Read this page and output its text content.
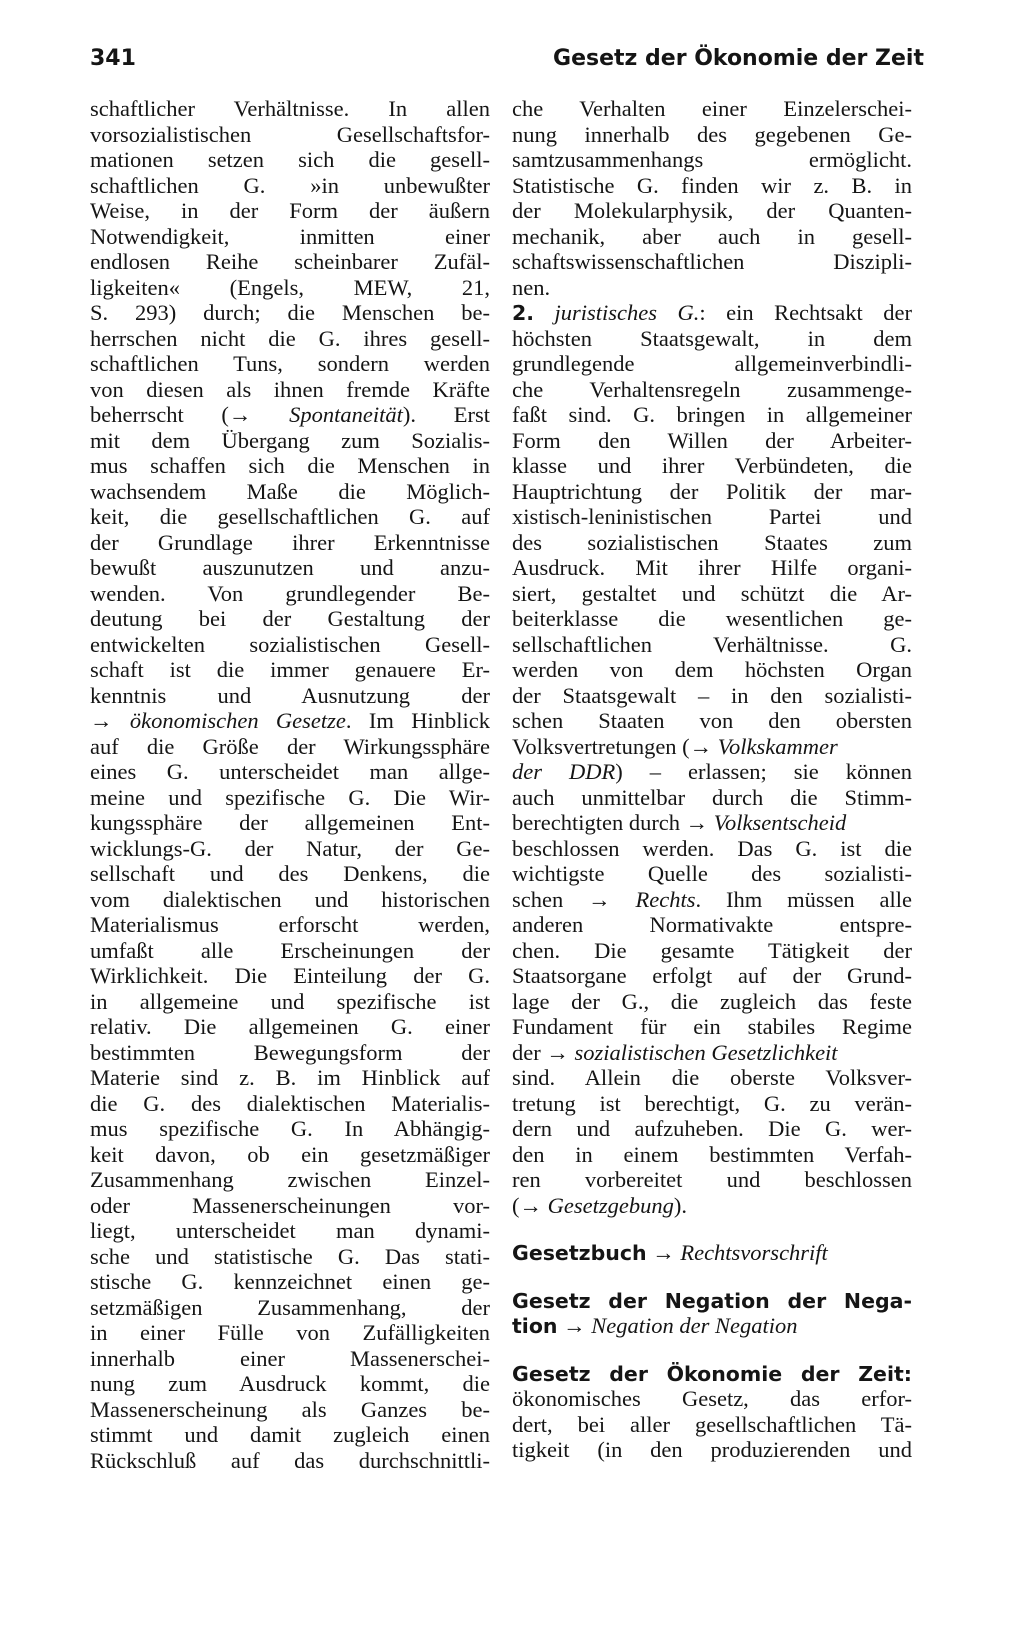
341	Gesetz der Ökonomie der Zeit
schaftlicher Verhältnisse. In allen
vorsozialistischen Gesellschaftsfor-
mationen setzen sich die gesell-
schaftlichen G. »in unbewußter
Weise, in der Form der äußern
Notwendigkeit, inmitten einer
endlosen Reihe scheinbarer Zufäl-
ligkeiten« (Engels, MEW, 21,
S. 293) durch; die Menschen be-
herrschen nicht die G. ihres gesell-
schaftlichen Tuns, sondern werden
von diesen als ihnen fremde Kräfte
beherrscht (→ Spontaneität). Erst
mit dem Übergang zum Sozialis-
mus schaffen sich die Menschen in
wachsendem Maße die Möglich-
keit, die gesellschaftlichen G. auf
der Grundlage ihrer Erkenntnisse
bewußt auszunutzen und anzu-
wenden. Von grundlegender Be-
deutung bei der Gestaltung der
entwickelten sozialistischen Gesell-
schaft ist die immer genauere Er-
kenntnis und Ausnutzung der
→ ökonomischen Gesetze. Im Hinblick
auf die Größe der Wirkungssphäre
eines G. unterscheidet man allge-
meine und spezifische G. Die Wir-
kungssphäre der allgemeinen Ent-
wicklungs-G. der Natur, der Ge-
sellschaft und des Denkens, die
vom dialektischen und historischen
Materialismus erforscht werden,
umfaßt alle Erscheinungen der
Wirklichkeit. Die Einteilung der G.
in allgemeine und spezifische ist
relativ. Die allgemeinen G. einer
bestimmten Bewegungsform der
Materie sind z. B. im Hinblick auf
die G. des dialektischen Materialis-
mus spezifische G. In Abhängig-
keit davon, ob ein gesetzmäßiger
Zusammenhang zwischen Einzel-
oder Massenerscheinungen vor-
liegt, unterscheidet man dynami-
sche und statistische G. Das stati-
stische G. kennzeichnet einen ge-
setzmäßigen Zusammenhang, der
in einer Fülle von Zufälligkeiten
innerhalb einer Massenerschei-
nung zum Ausdruck kommt, die
Massenerscheinung als Ganzes be-
stimmt und damit zugleich einen
Rückschluß auf das durchschnittli-
che Verhalten einer Einzelerschei-
nung innerhalb des gegebenen Ge-
samtzusammenhangs ermöglicht.
Statistische G. finden wir z. B. in
der Molekularphysik, der Quanten-
mechanik, aber auch in gesell-
schaftswissenschaftlichen Diszipli-
nen.
2. juristisches G.: ein Rechtsakt der
höchsten Staatsgewalt, in dem
grundlegende allgemeinverbindli-
che Verhaltensregeln zusammenge-
faßt sind. G. bringen in allgemeiner
Form den Willen der Arbeiter-
klasse und ihrer Verbündeten, die
Hauptrichtung der Politik der mar-
xistisch-leninistischen Partei und
des sozialistischen Staates zum
Ausdruck. Mit ihrer Hilfe organi-
siert, gestaltet und schützt die Ar-
beiterklasse die wesentlichen ge-
sellschaftlichen Verhältnisse. G.
werden von dem höchsten Organ
der Staatsgewalt – in den sozialisti-
schen Staaten von den obersten
Volksvertretungen (→ Volkskammer
der DDR) – erlassen; sie können
auch unmittelbar durch die Stimm-
berechtigten durch → Volksentscheid
beschlossen werden. Das G. ist die
wichtigste Quelle des sozialisti-
schen → Rechts. Ihm müssen alle
anderen Normativakte entspre-
chen. Die gesamte Tätigkeit der
Staatsorgane erfolgt auf der Grund-
lage der G., die zugleich das feste
Fundament für ein stabiles Regime
der → sozialistischen Gesetzlichkeit
sind. Allein die oberste Volksver-
tretung ist berechtigt, G. zu verän-
dern und aufzuheben. Die G. wer-
den in einem bestimmten Verfah-
ren vorbereitet und beschlossen
(→ Gesetzgebung).
Gesetzbuch → Rechtsvorschrift
Gesetz der Negation der Nega-
tion → Negation der Negation
Gesetz der Ökonomie der Zeit:
ökonomisches Gesetz, das erfor-
dert, bei aller gesellschaftlichen Tä-
tigkeit (in den produzierenden und
